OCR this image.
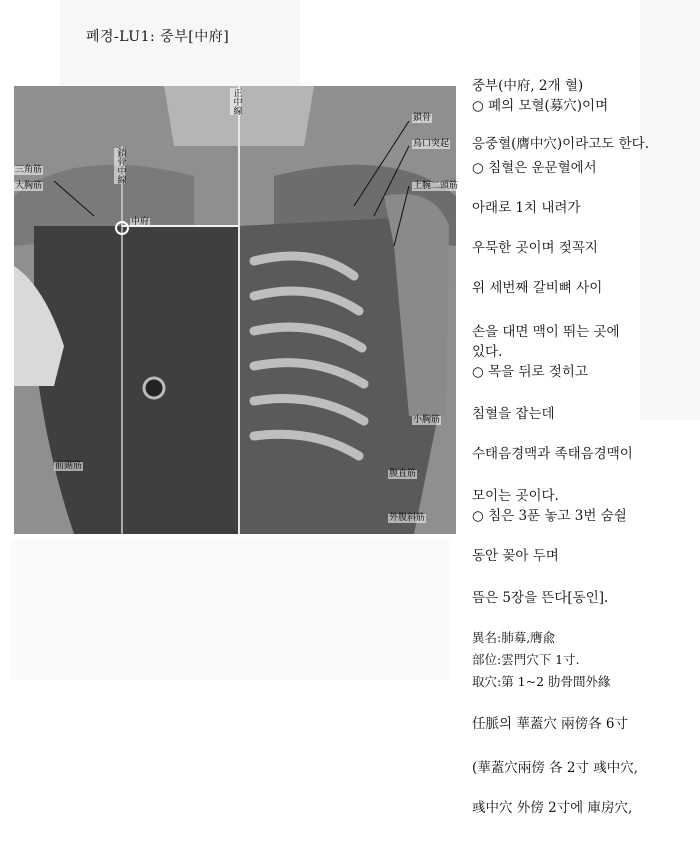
폐경-LU1: 중부[中府]
三角筋
大胸筋
鎖骨中線
正中線
中府
鎖骨
烏口突起
上腕二頭筋
小胸筋
前鋸筋
腹直筋
外腹斜筋
중부(中府, 2개 혈)
○ 폐의 모혈(募穴)이며
응중혈(膺中穴)이라고도 한다.
○ 침혈은 운문혈에서
아래로 1치 내려가
우묵한 곳이며 젖꼭지
위 세번째 갈비뼈 사이
손을 대면 맥이 뛰는 곳에
있다.
○ 목을 뒤로 젖히고
침혈을 잡는데
수태음경맥과 족태음경맥이
모이는 곳이다.
○ 침은 3푼 놓고 3번 숨쉴
동안 꽂아 두며
뜸은 5장을 뜬다[동인].
異名:肺募,膺兪
部位:雲門穴下 1寸.
取穴:第 1~2 肋骨間外緣
任脈의 華蓋穴 兩傍各 6寸
(華蓋穴兩傍 各 2寸 彧中穴,
彧中穴 外傍 2寸에 庫房穴,
